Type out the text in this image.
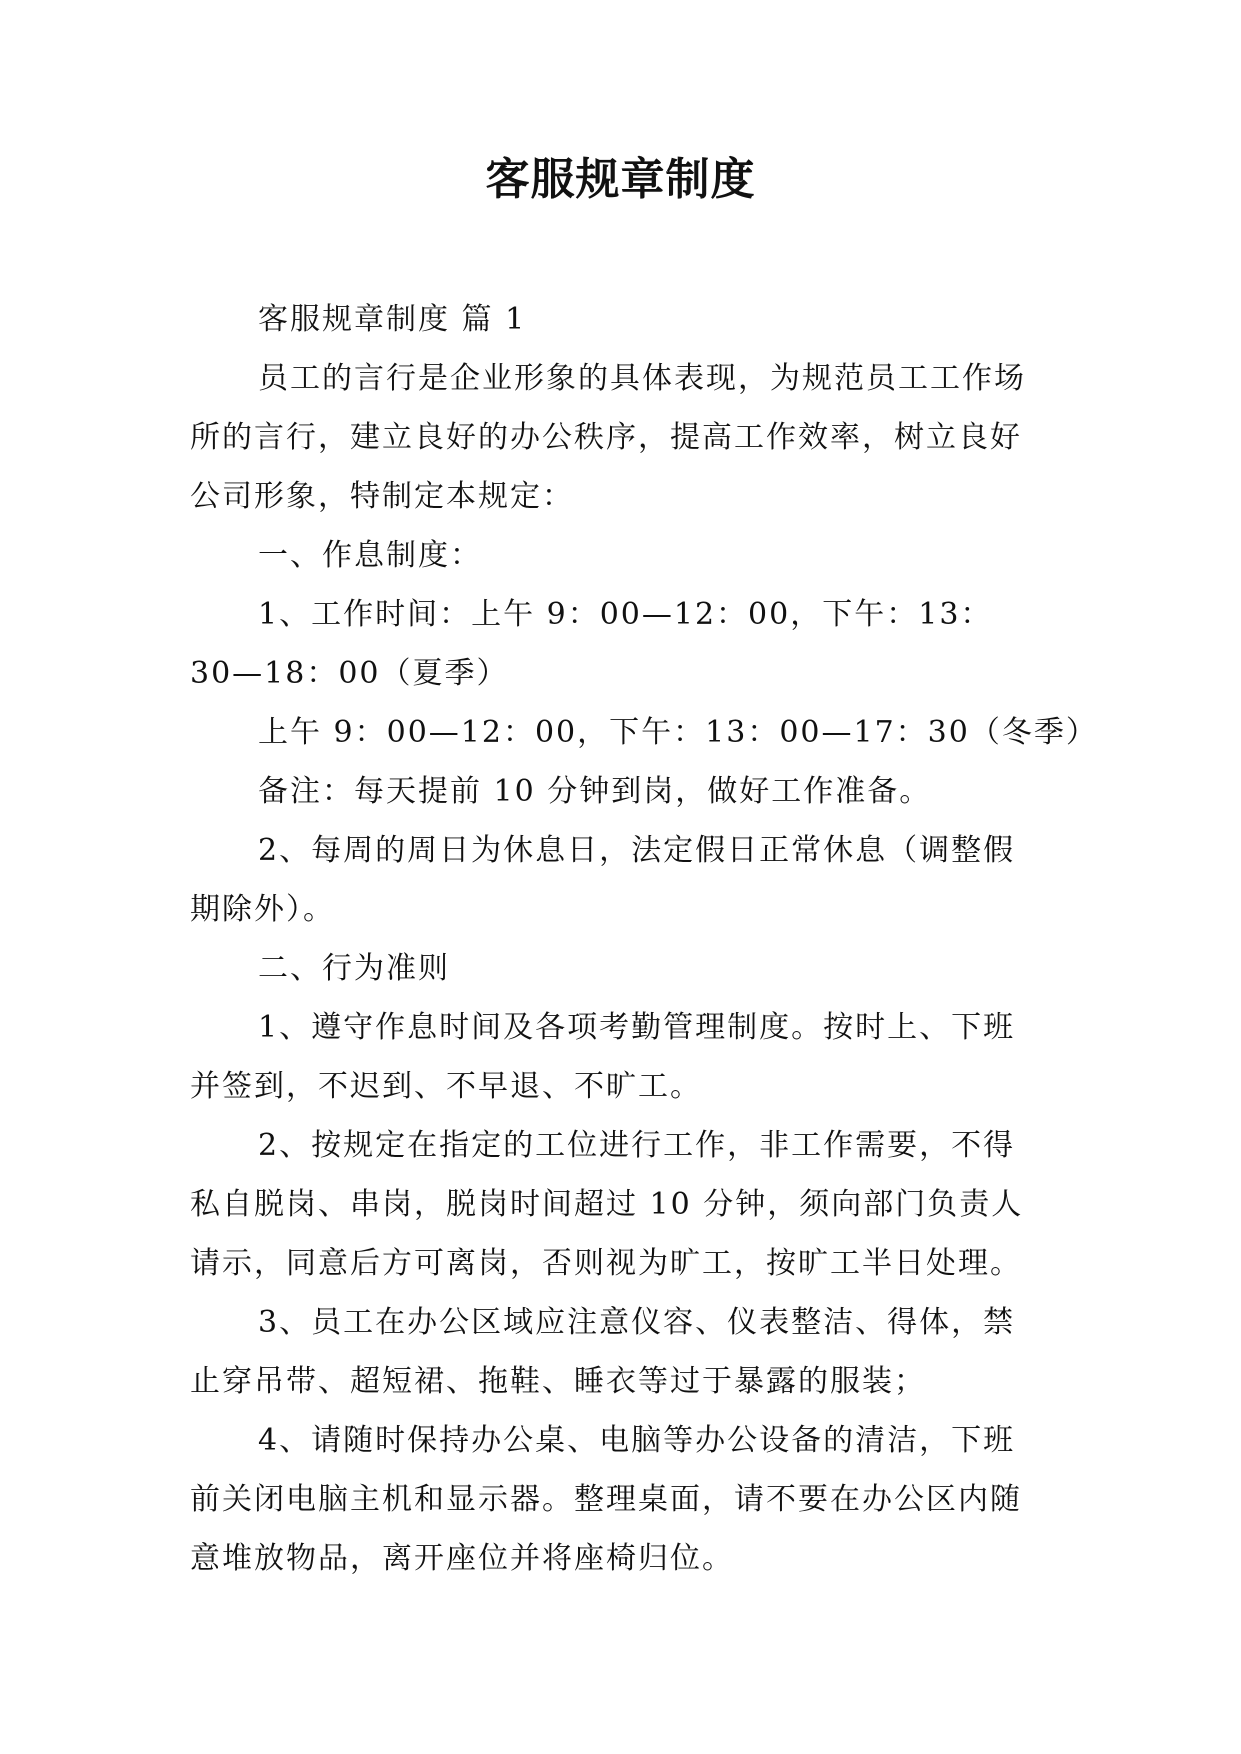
客服规章制度
客服规章制度 篇 1
员工的言行是企业形象的具体表现，为规范员工工作场
所的言行，建立良好的办公秩序，提高工作效率，树立良好
公司形象，特制定本规定：
一、作息制度：
1、工作时间：上午 9：00—12：00，下午：13：
30—18：00（夏季）
上午 9：00—12：00，下午：13：00—17：30（冬季）
备注：每天提前 10 分钟到岗，做好工作准备。
2、每周的周日为休息日，法定假日正常休息（调整假
期除外）。
二、行为准则
1、遵守作息时间及各项考勤管理制度。按时上、下班
并签到，不迟到、不早退、不旷工。
2、按规定在指定的工位进行工作，非工作需要，不得
私自脱岗、串岗，脱岗时间超过 10 分钟，须向部门负责人
请示，同意后方可离岗，否则视为旷工，按旷工半日处理。
3、员工在办公区域应注意仪容、仪表整洁、得体，禁
止穿吊带、超短裙、拖鞋、睡衣等过于暴露的服装；
4、请随时保持办公桌、电脑等办公设备的清洁，下班
前关闭电脑主机和显示器。整理桌面，请不要在办公区内随
意堆放物品，离开座位并将座椅归位。
